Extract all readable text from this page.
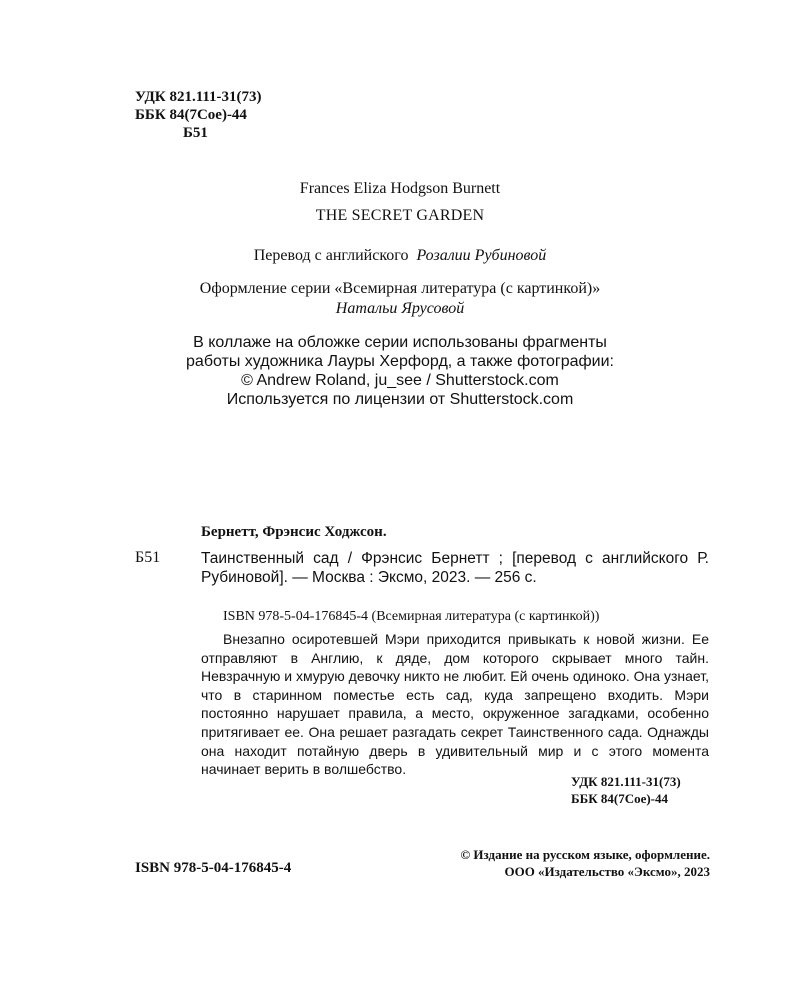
УДК 821.111-31(73)
ББК 84(7Сое)-44
Б51
Frances Eliza Hodgson Burnett
THE SECRET GARDEN
Перевод с английского Розалии Рубиновой
Оформление серии «Всемирная литература (с картинкой)»
Натальи Ярусовой
В коллаже на обложке серии использованы фрагменты
работы художника Лауры Херфорд, а также фотографии:
© Andrew Roland, ju_see / Shutterstock.com
Используется по лицензии от Shutterstock.com
Бернетт, Фрэнсис Ходжсон.
Б51	Таинственный сад / Фрэнсис Бернетт ; [перевод с английского Р. Рубиновой]. — Москва : Эксмо, 2023. — 256 с.
ISBN 978-5-04-176845-4 (Всемирная литература (с картинкой))
Внезапно осиротевшей Мэри приходится привыкать к новой жизни. Ее отправляют в Англию, к дяде, дом которого скрывает много тайн. Невзрачную и хмурую девочку никто не любит. Ей очень одиноко. Она узнает, что в старинном поместье есть сад, куда запрещено входить. Мэри постоянно нарушает правила, а место, окруженное загадками, особенно притягивает ее. Она решает разгадать секрет Таинственного сада. Однажды она находит потайную дверь в удивительный мир и с этого момента начинает верить в волшебство.
УДК 821.111-31(73)
ББК 84(7Сое)-44
ISBN 978-5-04-176845-4
© Издание на русском языке, оформление.
ООО «Издательство «Эксмо», 2023
